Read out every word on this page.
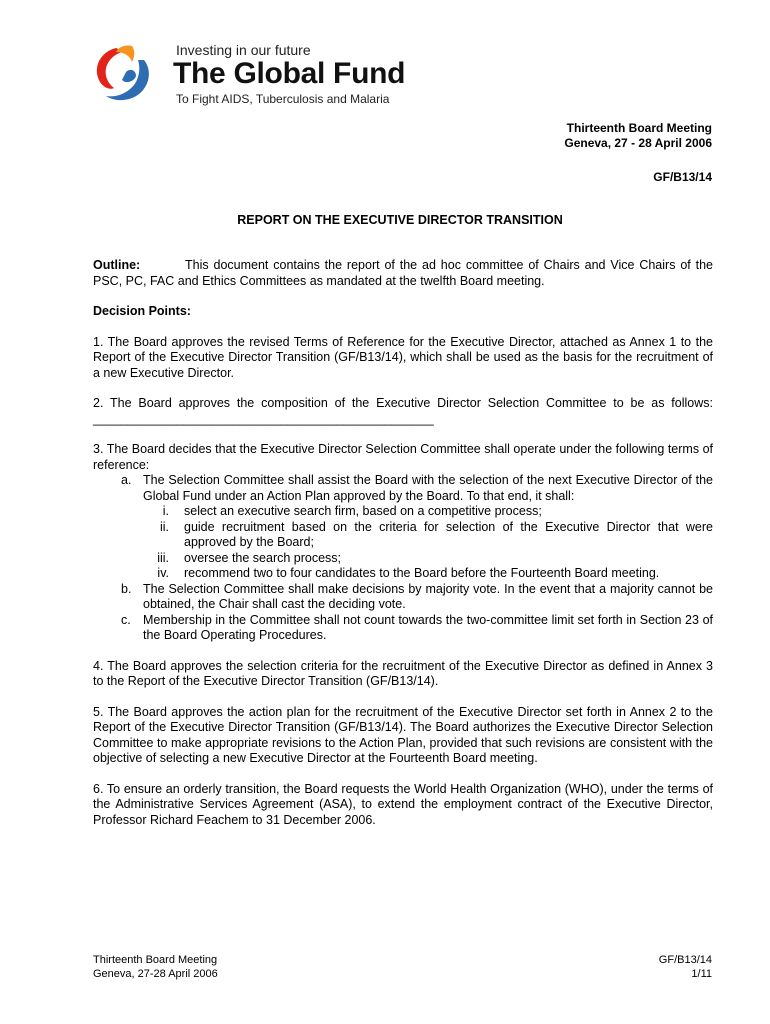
Investing in our future
The Global Fund
To Fight AIDS, Tuberculosis and Malaria
Thirteenth Board Meeting
Geneva, 27 - 28 April 2006
GF/B13/14
REPORT ON THE EXECUTIVE DIRECTOR TRANSITION

Outline:	This document contains the report of the ad hoc committee of Chairs and Vice Chairs of the PSC, PC, FAC and Ethics Committees as mandated at the twelfth Board meeting.

Decision Points:

1. The Board approves the revised Terms of Reference for the Executive Director, attached as Annex 1 to the Report of the Executive Director Transition (GF/B13/14), which shall be used as the basis for the recruitment of a new Executive Director.

2. The Board approves the composition of the Executive Director Selection Committee to be as follows: _________________________________________________

3. The Board decides that the Executive Director Selection Committee shall operate under the following terms of reference:
a. The Selection Committee shall assist the Board with the selection of the next Executive Director of the Global Fund under an Action Plan approved by the Board. To that end, it shall:
i. select an executive search firm, based on a competitive process;
ii. guide recruitment based on the criteria for selection of the Executive Director that were approved by the Board;
iii. oversee the search process;
iv. recommend two to four candidates to the Board before the Fourteenth Board meeting.
b. The Selection Committee shall make decisions by majority vote. In the event that a majority cannot be obtained, the Chair shall cast the deciding vote.
c. Membership in the Committee shall not count towards the two-committee limit set forth in Section 23 of the Board Operating Procedures.

4. The Board approves the selection criteria for the recruitment of the Executive Director as defined in Annex 3 to the Report of the Executive Director Transition (GF/B13/14).

5. The Board approves the action plan for the recruitment of the Executive Director set forth in Annex 2 to the Report of the Executive Director Transition (GF/B13/14). The Board authorizes the Executive Director Selection Committee to make appropriate revisions to the Action Plan, provided that such revisions are consistent with the objective of selecting a new Executive Director at the Fourteenth Board meeting.

6. To ensure an orderly transition, the Board requests the World Health Organization (WHO), under the terms of the Administrative Services Agreement (ASA), to extend the employment contract of the Executive Director, Professor Richard Feachem to 31 December 2006.

Thirteenth Board Meeting
Geneva, 27-28 April 2006
GF/B13/14
1/11
